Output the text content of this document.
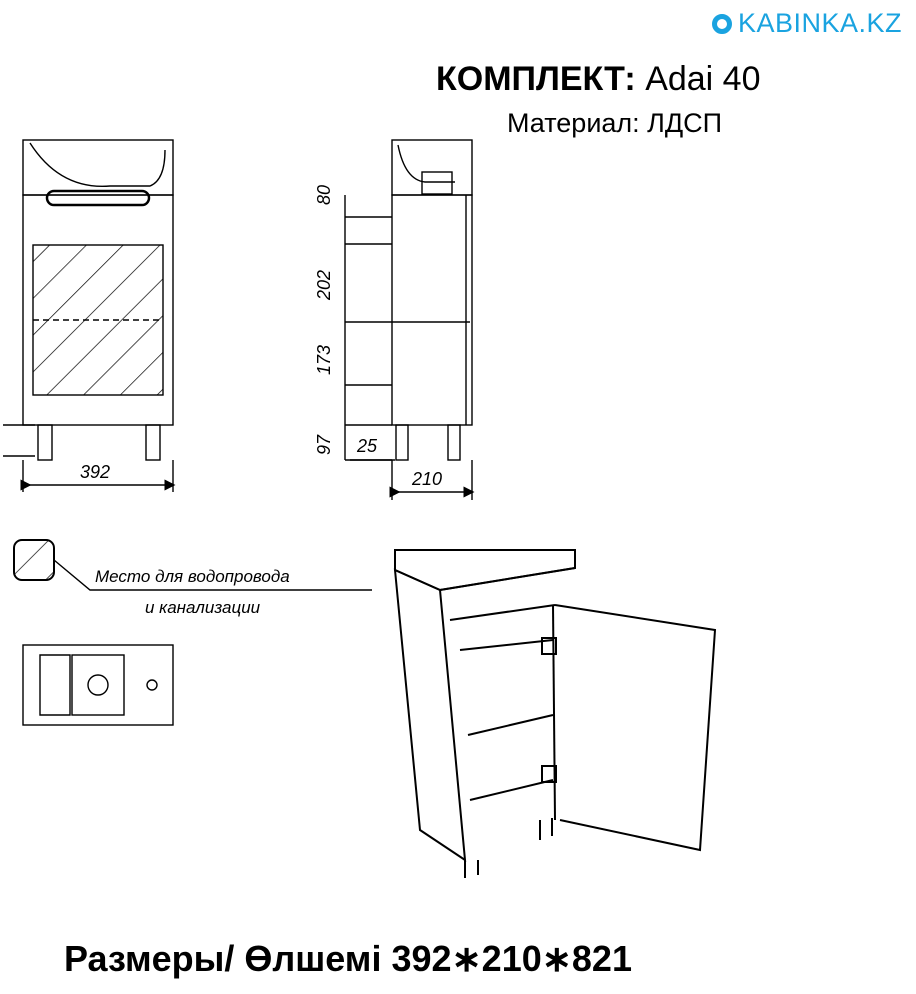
KABINKA.KZ
КОМПЛЕКТ: Adai 40
Материал: ЛДСП
392
80
202
173
97 25
210
Место для водопровода
и канализации
Размеры/ Өлшемі 392∗210∗821
